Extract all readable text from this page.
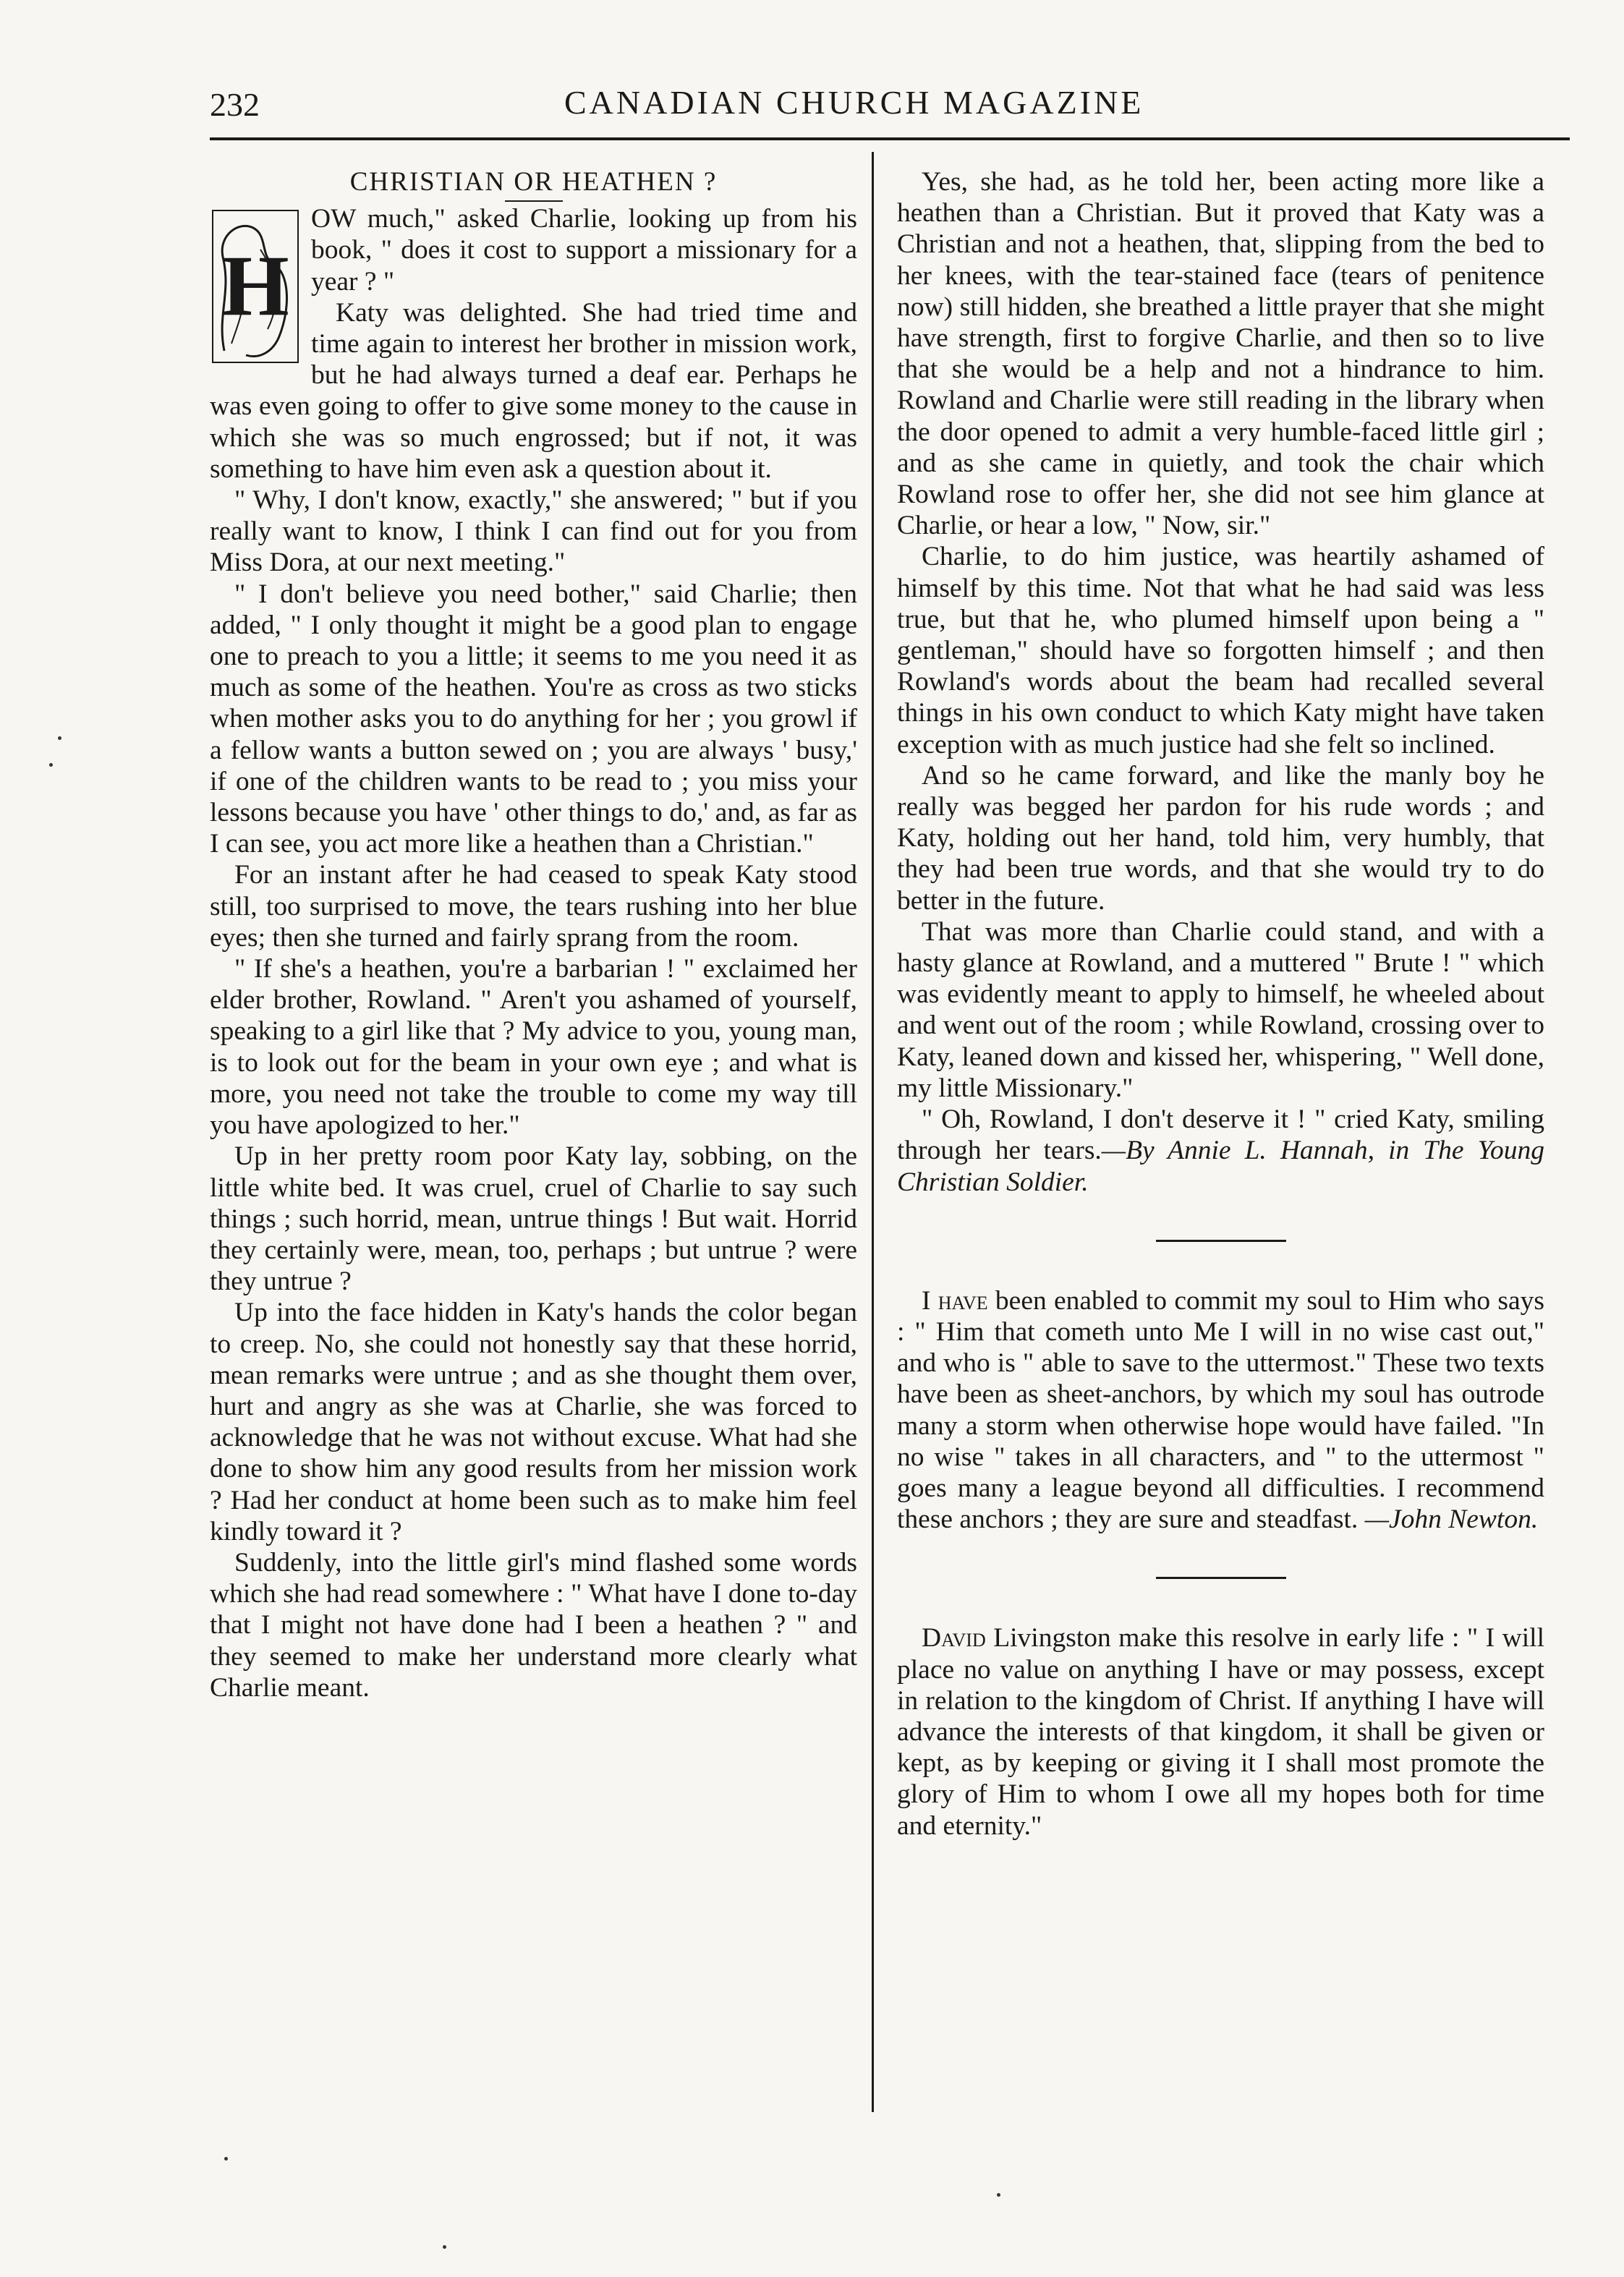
232	CANADIAN CHURCH MAGAZINE
CHRISTIAN OR HEATHEN ?
H

OW much," asked Charlie, looking up from his book, " does it cost to support a missionary for a year ? "

Katy was delighted. She had tried time and time again to interest her brother in mission work, but he had always turned a deaf ear. Perhaps he was even going to offer to give some money to the cause in which she was so much engrossed; but if not, it was something to have him even ask a question about it.

" Why, I don't know, exactly," she answered; " but if you really want to know, I think I can find out for you from Miss Dora, at our next meeting."

" I don't believe you need bother," said Charlie; then added, " I only thought it might be a good plan to engage one to preach to you a little; it seems to me you need it as much as some of the heathen. You're as cross as two sticks when mother asks you to do anything for her ; you growl if a fellow wants a button sewed on ; you are always ' busy,' if one of the children wants to be read to ; you miss your lessons because you have ' other things to do,' and, as far as I can see, you act more like a heathen than a Christian."

For an instant after he had ceased to speak Katy stood still, too surprised to move, the tears rushing into her blue eyes; then she turned and fairly sprang from the room.

" If she's a heathen, you're a barbarian ! " exclaimed her elder brother, Rowland. " Aren't you ashamed of yourself, speaking to a girl like that ? My advice to you, young man, is to look out for the beam in your own eye ; and what is more, you need not take the trouble to come my way till you have apologized to her."

Up in her pretty room poor Katy lay, sobbing, on the little white bed. It was cruel, cruel of Charlie to say such things ; such horrid, mean, untrue things ! But wait. Horrid they certainly were, mean, too, perhaps ; but untrue ? were they untrue ?

Up into the face hidden in Katy's hands the color began to creep. No, she could not honestly say that these horrid, mean remarks were untrue ; and as she thought them over, hurt and angry as she was at Charlie, she was forced to acknowledge that he was not without excuse. What had she done to show him any good results from her mission work ? Had her conduct at home been such as to make him feel kindly toward it ?

Suddenly, into the little girl's mind flashed some words which she had read somewhere : " What have I done to-day that I might not have done had I been a heathen ? " and they seemed to make her understand more clearly what Charlie meant.

Yes, she had, as he told her, been acting more like a heathen than a Christian. But it proved that Katy was a Christian and not a heathen, that, slipping from the bed to her knees, with the tear-stained face (tears of penitence now) still hidden, she breathed a little prayer that she might have strength, first to forgive Charlie, and then so to live that she would be a help and not a hindrance to him. Rowland and Charlie were still reading in the library when the door opened to admit a very humble-faced little girl ; and as she came in quietly, and took the chair which Rowland rose to offer her, she did not see him glance at Charlie, or hear a low, " Now, sir."

Charlie, to do him justice, was heartily ashamed of himself by this time. Not that what he had said was less true, but that he, who plumed himself upon being a " gentleman," should have so forgotten himself ; and then Rowland's words about the beam had recalled several things in his own conduct to which Katy might have taken exception with as much justice had she felt so inclined.

And so he came forward, and like the manly boy he really was begged her pardon for his rude words ; and Katy, holding out her hand, told him, very humbly, that they had been true words, and that she would try to do better in the future.

That was more than Charlie could stand, and with a hasty glance at Rowland, and a muttered " Brute ! " which was evidently meant to apply to himself, he wheeled about and went out of the room ; while Rowland, crossing over to Katy, leaned down and kissed her, whispering, " Well done, my little Missionary."

" Oh, Rowland, I don't deserve it ! " cried Katy, smiling through her tears.—By Annie L. Hannah, in The Young Christian Soldier.

I have been enabled to commit my soul to Him who says : " Him that cometh unto Me I will in no wise cast out," and who is " able to save to the uttermost." These two texts have been as sheet-anchors, by which my soul has outrode many a storm when otherwise hope would have failed. "In no wise " takes in all characters, and " to the uttermost " goes many a league beyond all difficulties. I recommend these anchors ; they are sure and steadfast. —John Newton.

David Livingston make this resolve in early life : " I will place no value on anything I have or may possess, except in relation to the kingdom of Christ. If anything I have will advance the interests of that kingdom, it shall be given or kept, as by keeping or giving it I shall most promote the glory of Him to whom I owe all my hopes both for time and eternity."
